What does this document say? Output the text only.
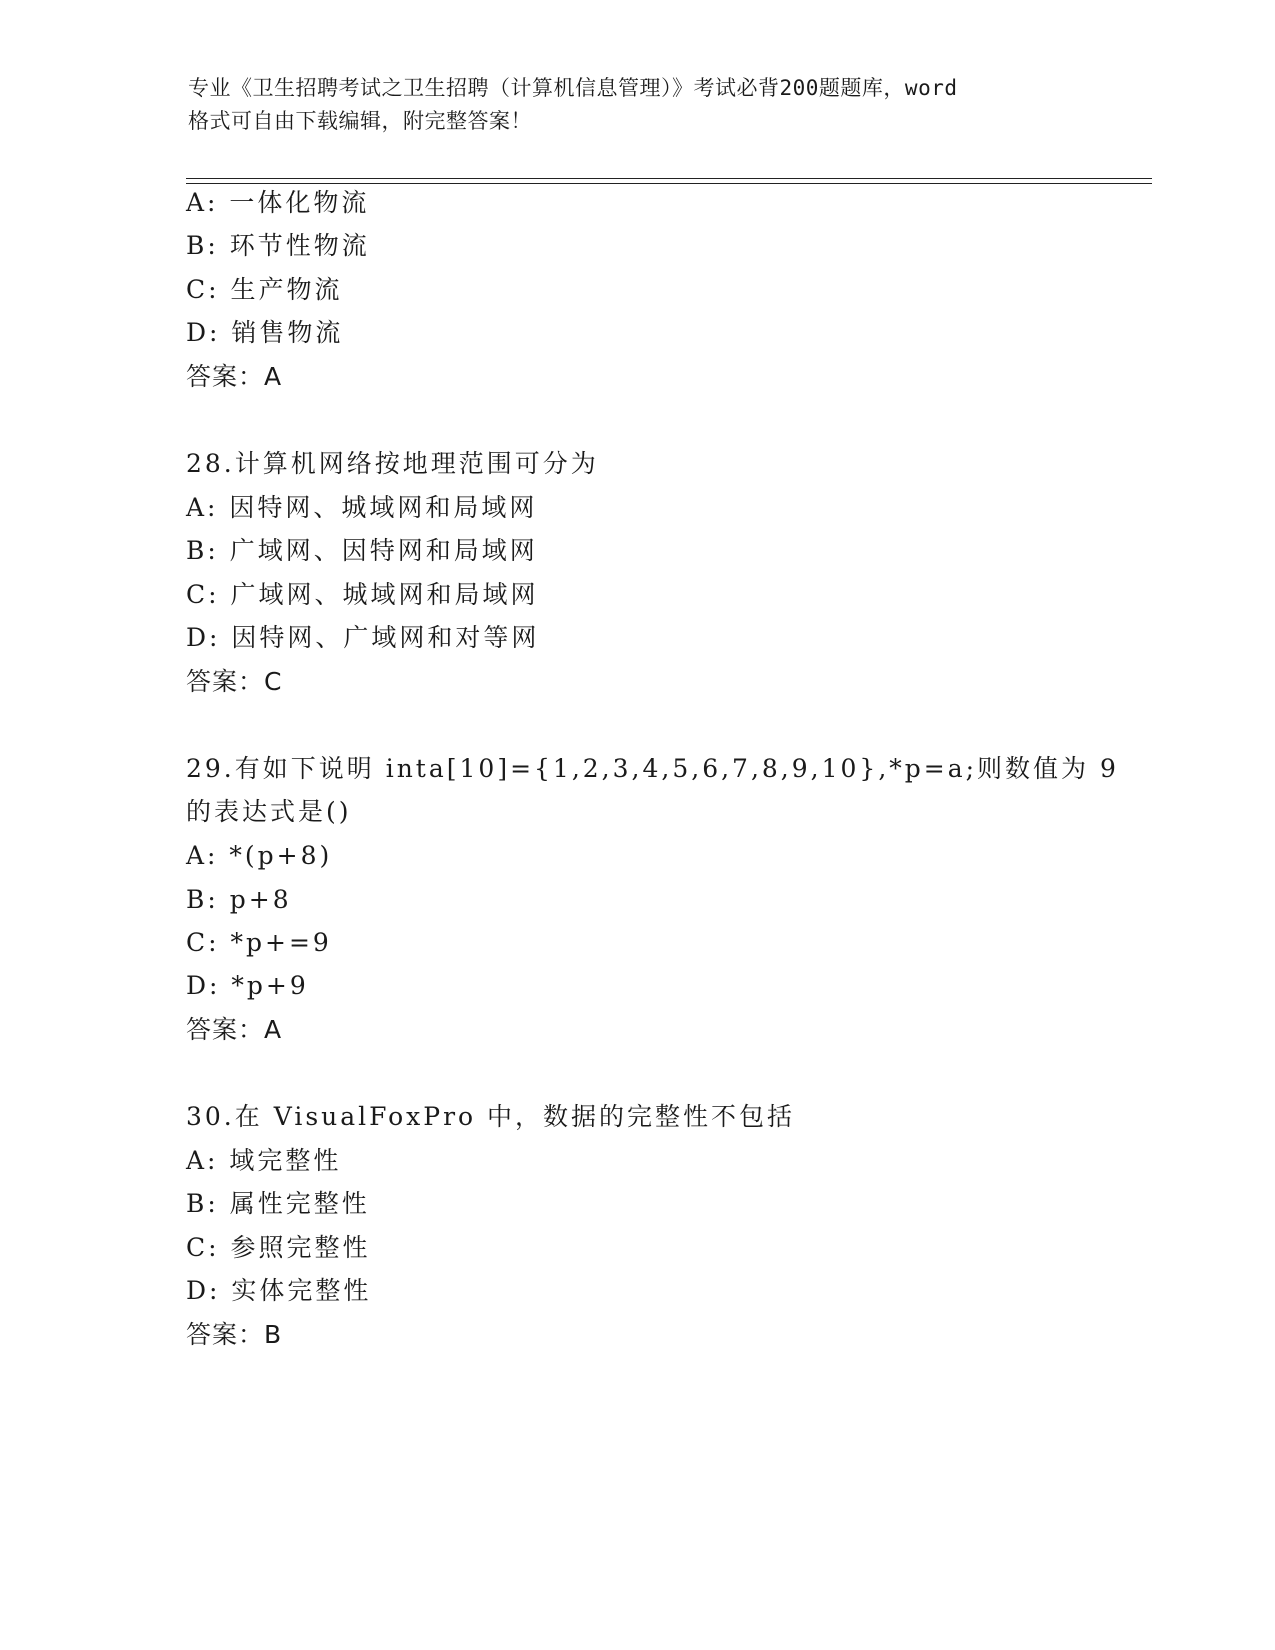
专业《卫生招聘考试之卫生招聘（计算机信息管理）》考试必背200题题库，word
格式可自由下载编辑，附完整答案！
A: 一体化物流
B: 环节性物流
C: 生产物流
D: 销售物流
答案：A
28.计算机网络按地理范围可分为
A: 因特网、城域网和局域网
B: 广域网、因特网和局域网
C: 广域网、城域网和局域网
D: 因特网、广域网和对等网
答案：C
29.有如下说明 inta[10]={1,2,3,4,5,6,7,8,9,10},*p=a;则数值为 9
的表达式是()
A: *(p+8)
B: p+8
C: *p+=9
D: *p+9
答案：A
30.在 VisualFoxPro 中，数据的完整性不包括
A: 域完整性
B: 属性完整性
C: 参照完整性
D: 实体完整性
答案：B
